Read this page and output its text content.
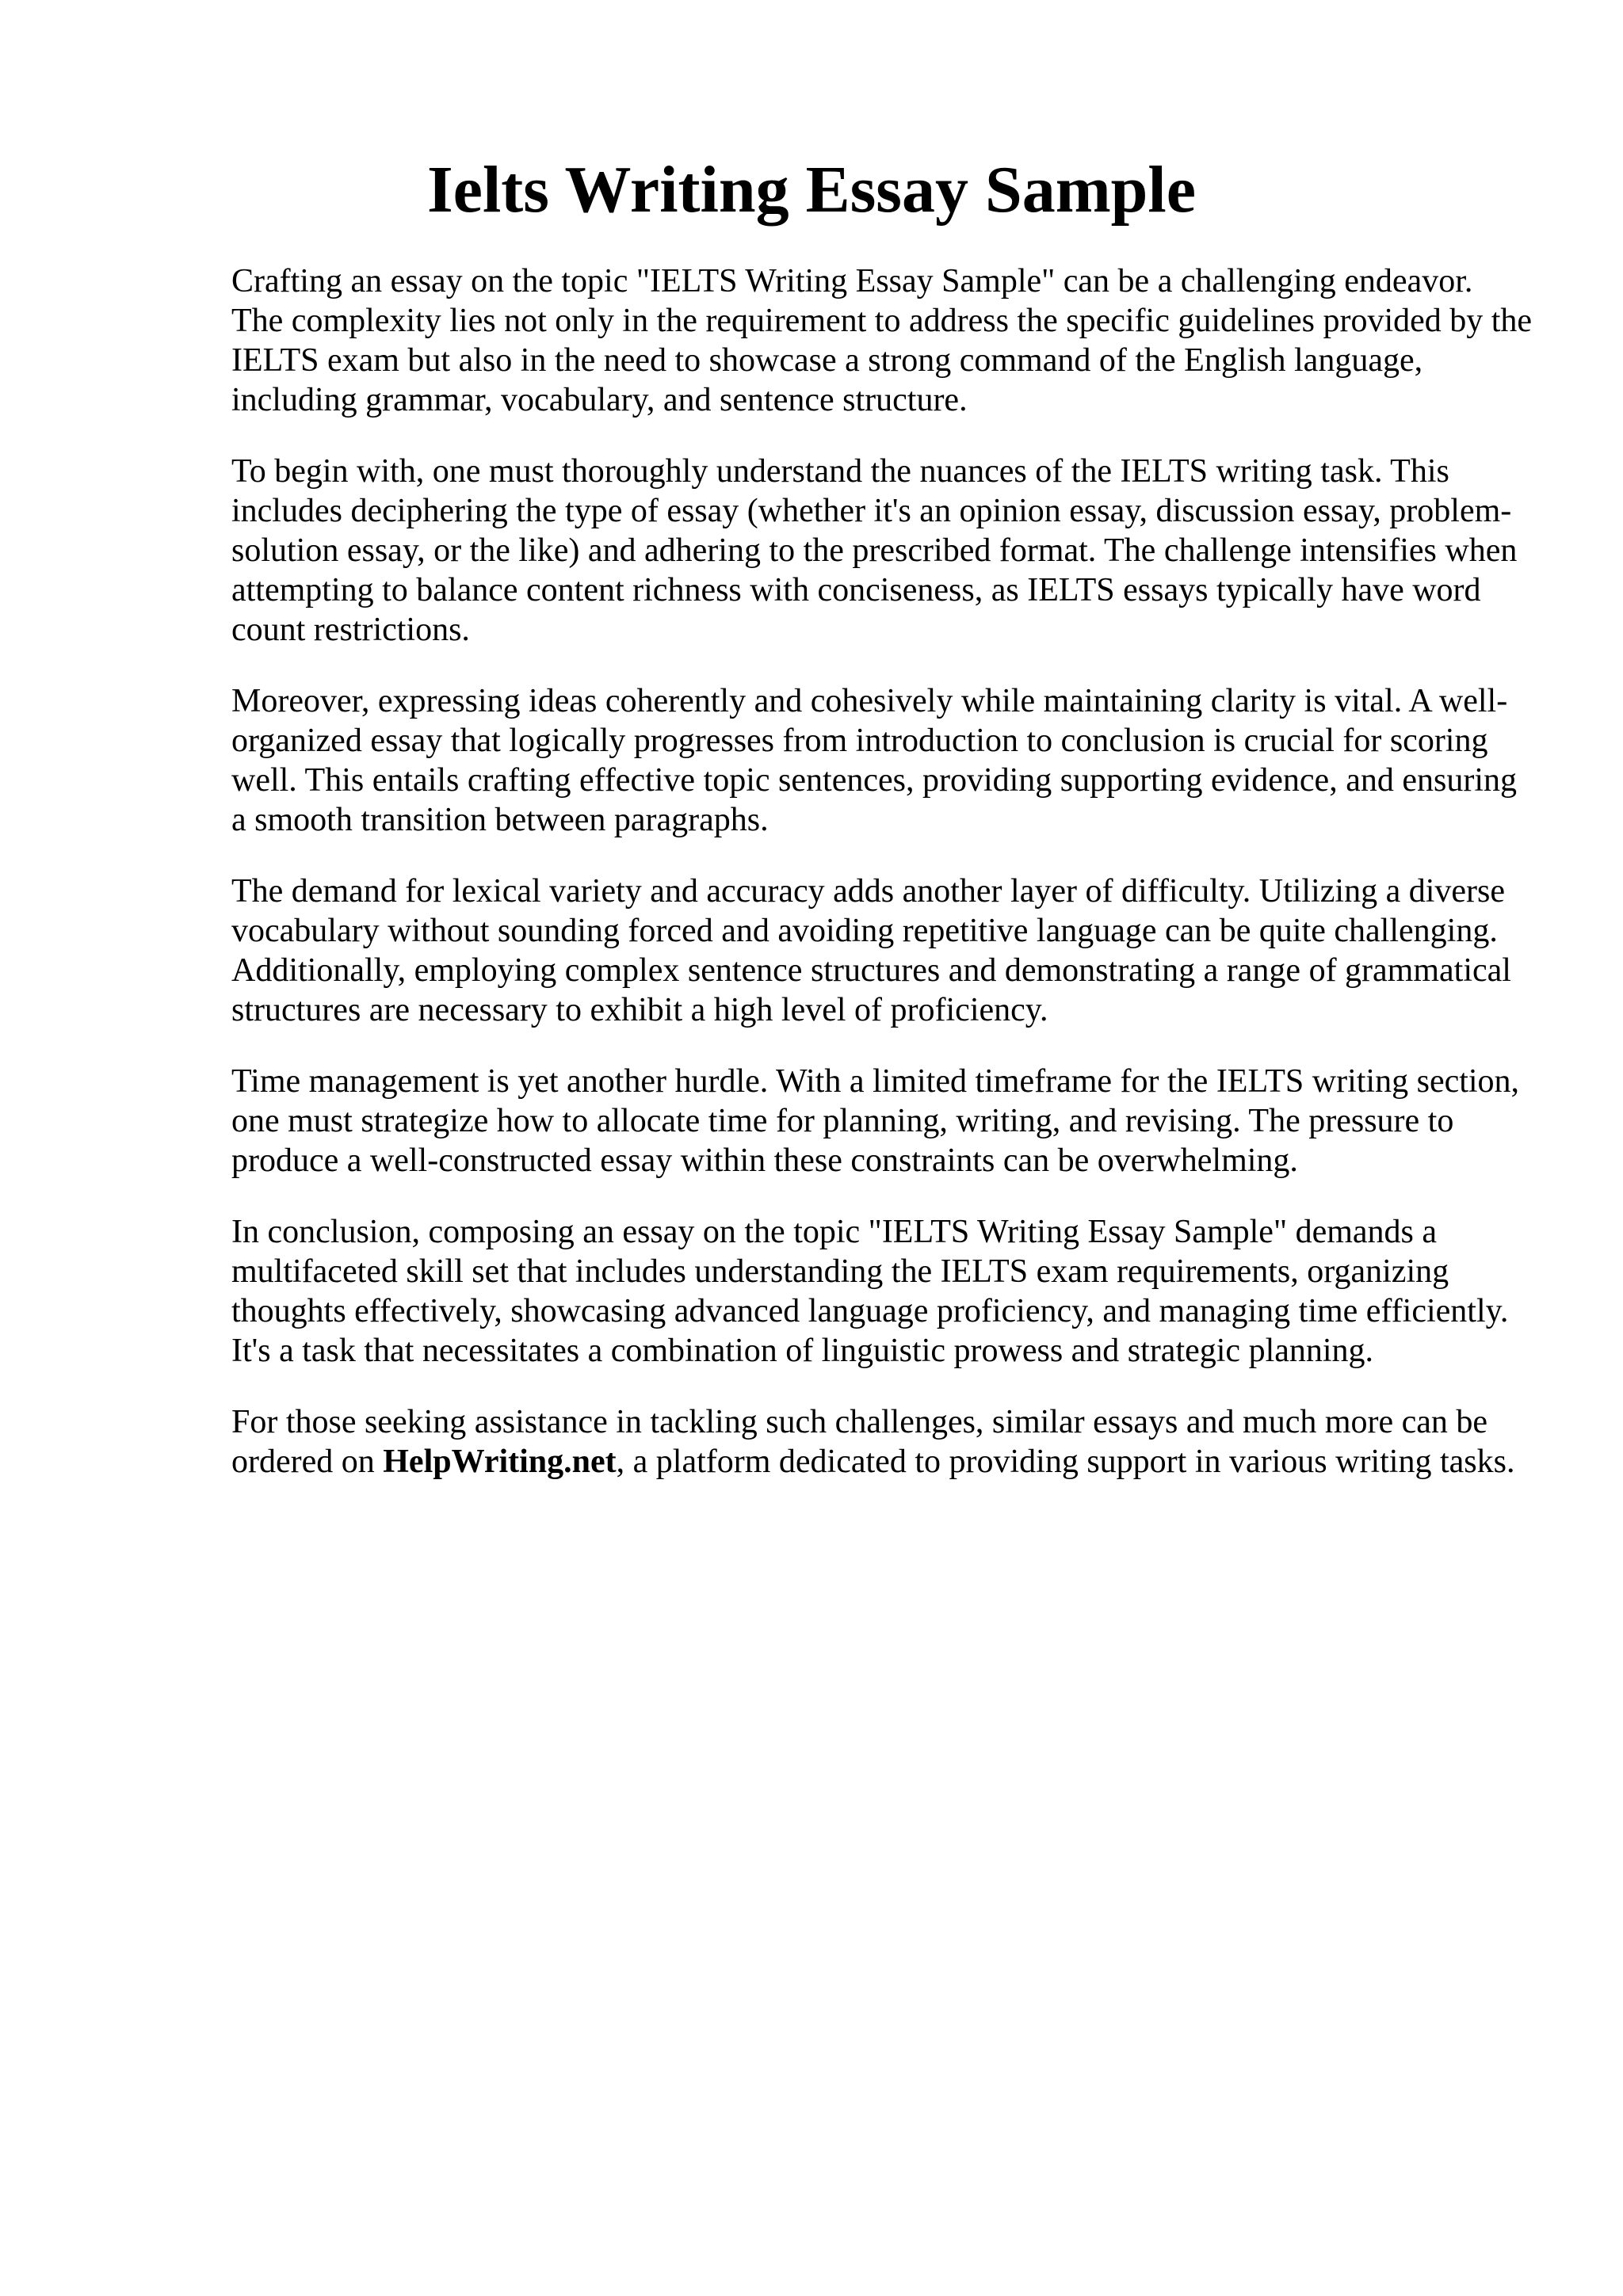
Ielts Writing Essay Sample

Crafting an essay on the topic "IELTS Writing Essay Sample" can be a challenging endeavor.
The complexity lies not only in the requirement to address the specific guidelines provided by the
IELTS exam but also in the need to showcase a strong command of the English language,
including grammar, vocabulary, and sentence structure.

To begin with, one must thoroughly understand the nuances of the IELTS writing task. This
includes deciphering the type of essay (whether it's an opinion essay, discussion essay, problem-
solution essay, or the like) and adhering to the prescribed format. The challenge intensifies when
attempting to balance content richness with conciseness, as IELTS essays typically have word
count restrictions.

Moreover, expressing ideas coherently and cohesively while maintaining clarity is vital. A well-
organized essay that logically progresses from introduction to conclusion is crucial for scoring
well. This entails crafting effective topic sentences, providing supporting evidence, and ensuring
a smooth transition between paragraphs.

The demand for lexical variety and accuracy adds another layer of difficulty. Utilizing a diverse
vocabulary without sounding forced and avoiding repetitive language can be quite challenging.
Additionally, employing complex sentence structures and demonstrating a range of grammatical
structures are necessary to exhibit a high level of proficiency.

Time management is yet another hurdle. With a limited timeframe for the IELTS writing section,
one must strategize how to allocate time for planning, writing, and revising. The pressure to
produce a well-constructed essay within these constraints can be overwhelming.

In conclusion, composing an essay on the topic "IELTS Writing Essay Sample" demands a
multifaceted skill set that includes understanding the IELTS exam requirements, organizing
thoughts effectively, showcasing advanced language proficiency, and managing time efficiently.
It's a task that necessitates a combination of linguistic prowess and strategic planning.

For those seeking assistance in tackling such challenges, similar essays and much more can be
ordered on HelpWriting.net, a platform dedicated to providing support in various writing tasks.
